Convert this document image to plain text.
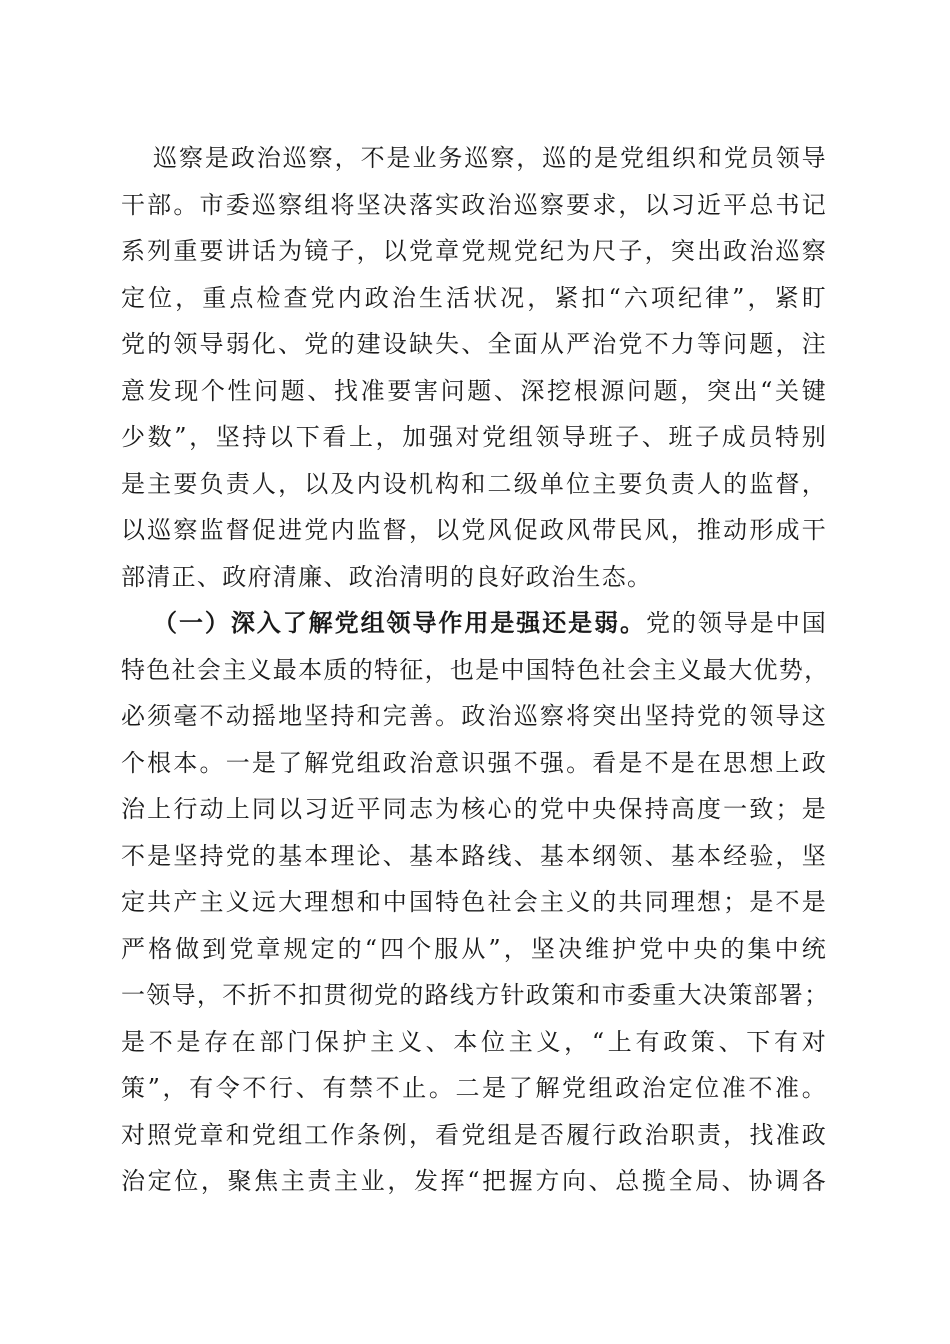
巡察是政治巡察，不是业务巡察，巡的是党组织和党员领导
干部。市委巡察组将坚决落实政治巡察要求，以习近平总书记
系列重要讲话为镜子，以党章党规党纪为尺子，突出政治巡察
定位，重点检查党内政治生活状况，紧扣“六项纪律”，紧盯
党的领导弱化、党的建设缺失、全面从严治党不力等问题，注
意发现个性问题、找准要害问题、深挖根源问题，突出“关键
少数”，坚持以下看上，加强对党组领导班子、班子成员特别
是主要负责人，以及内设机构和二级单位主要负责人的监督，
以巡察监督促进党内监督，以党风促政风带民风，推动形成干
部清正、政府清廉、政治清明的良好政治生态。
（一）深入了解党组领导作用是强还是弱。党的领导是中国
特色社会主义最本质的特征，也是中国特色社会主义最大优势，
必须毫不动摇地坚持和完善。政治巡察将突出坚持党的领导这
个根本。一是了解党组政治意识强不强。看是不是在思想上政
治上行动上同以习近平同志为核心的党中央保持高度一致；是
不是坚持党的基本理论、基本路线、基本纲领、基本经验，坚
定共产主义远大理想和中国特色社会主义的共同理想；是不是
严格做到党章规定的“四个服从”，坚决维护党中央的集中统
一领导，不折不扣贯彻党的路线方针政策和市委重大决策部署；
是不是存在部门保护主义、本位主义，“上有政策、下有对
策”，有令不行、有禁不止。二是了解党组政治定位准不准。
对照党章和党组工作条例，看党组是否履行政治职责，找准政
治定位，聚焦主责主业，发挥“把握方向、总揽全局、协调各
